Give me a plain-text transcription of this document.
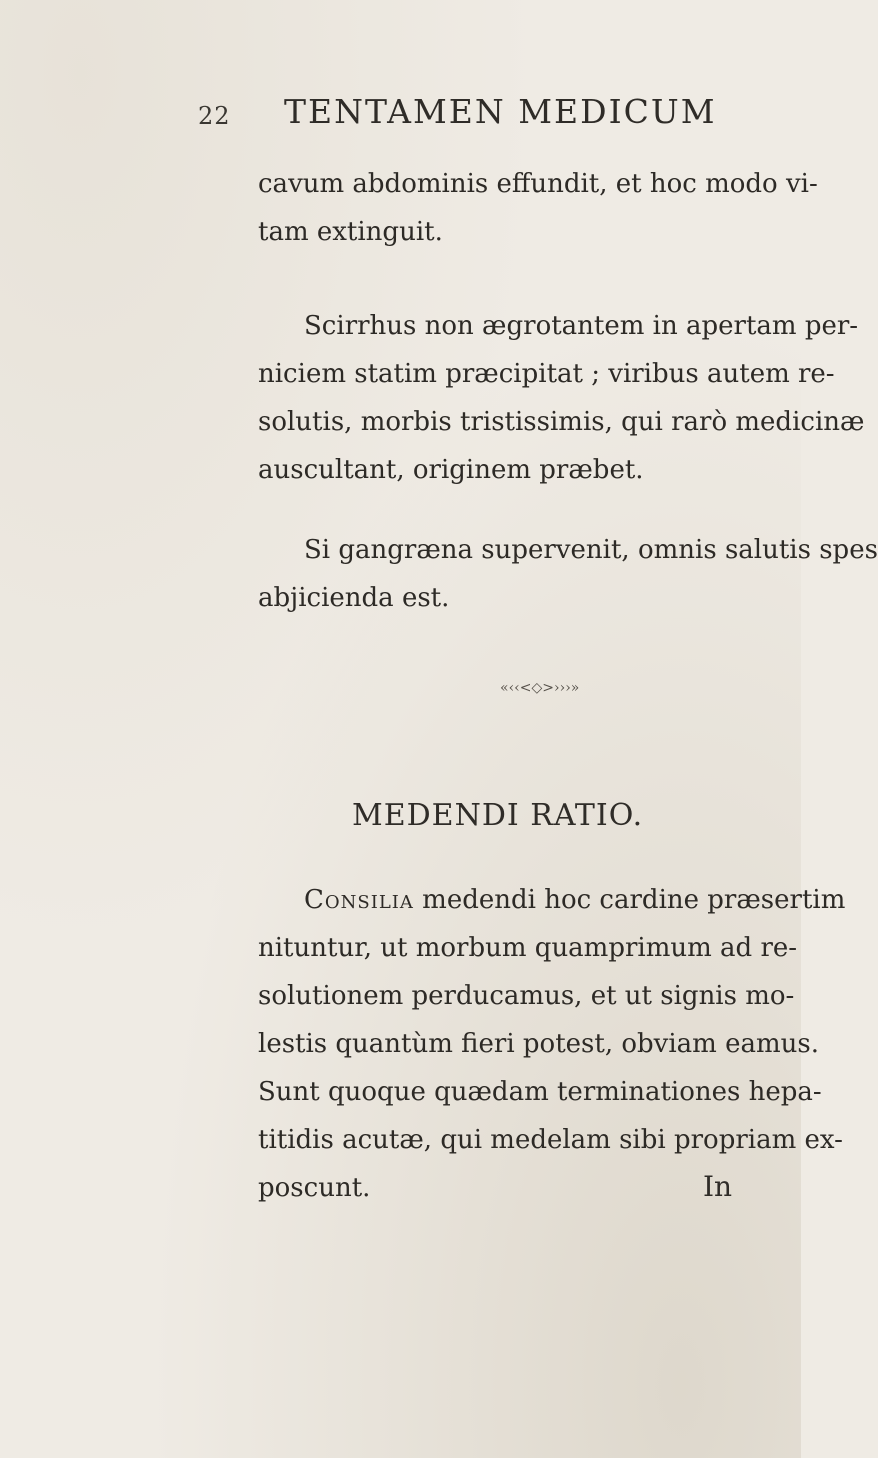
22 TENTAMEN MEDICUM

cavum abdominis effundit, et hoc modo vi-
tam extinguit.

Scirrhus non ægrotantem in apertam per-
niciem statim præcipitat ; viribus autem re-
solutis, morbis tristissimis, qui rarò medicinæ
auscultant, originem præbet.

Si gangræna supervenit, omnis salutis spes
abjicienda est.

«‹‹<◇>›››»
MEDENDI RATIO.

Consilia medendi hoc cardine præsertim
nituntur, ut morbum quamprimum ad re-
solutionem perducamus, et ut signis mo-
lestis quantùm fieri potest, obviam eamus.
Sunt quoque quædam terminationes hepa-
titidis acutæ, qui medelam sibi propriam ex-
poscunt.	In
